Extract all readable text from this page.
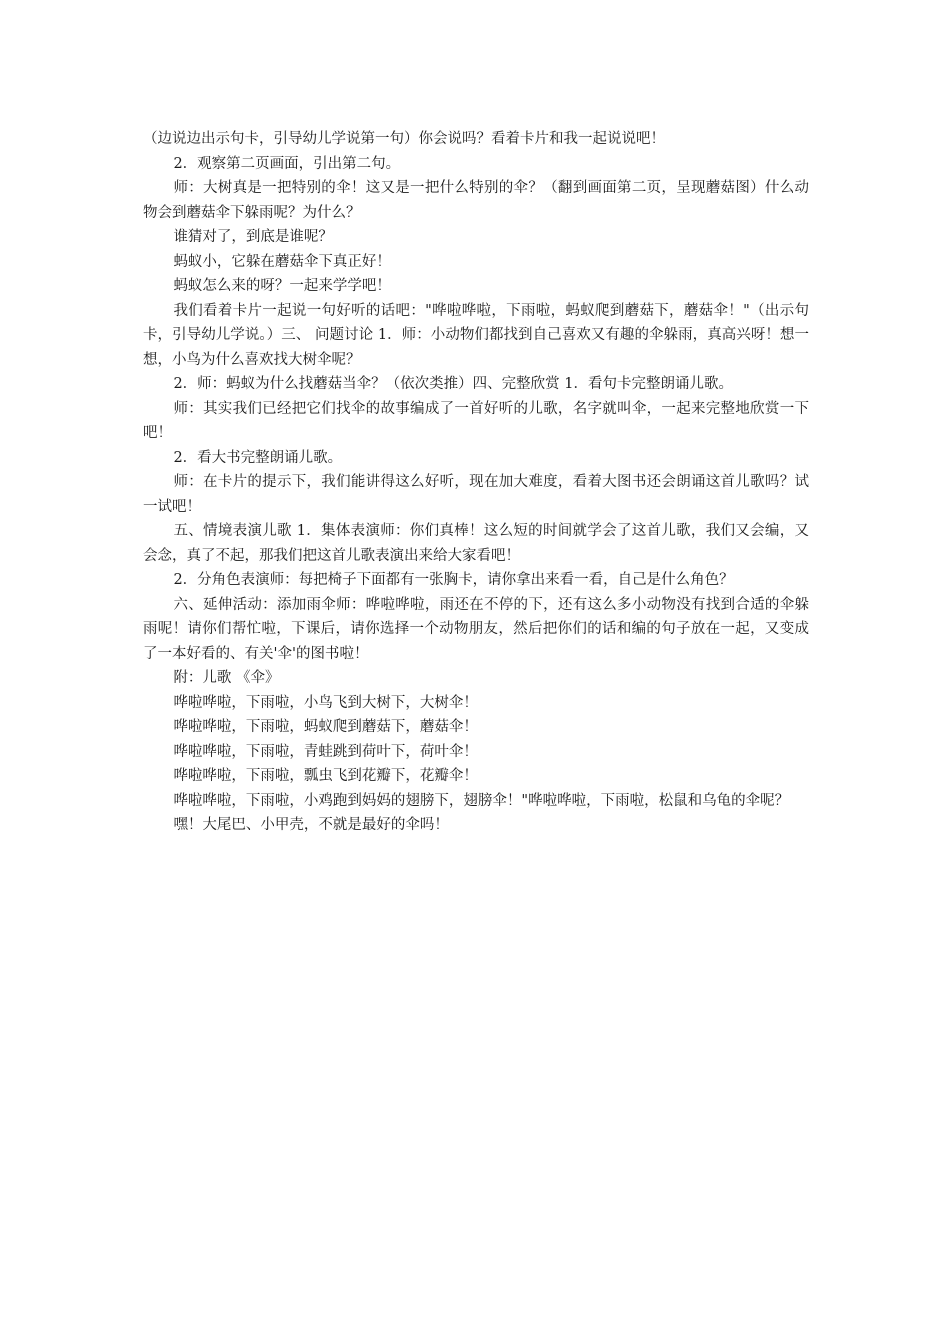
（边说边出示句卡，引导幼儿学说第一句）你会说吗？看着卡片和我一起说说吧！

2．观察第二页画面，引出第二句。

师：大树真是一把特别的伞！这又是一把什么特别的伞？（翻到画面第二页，呈现蘑菇图）什么动物会到蘑菇伞下躲雨呢？为什么？

谁猜对了，到底是谁呢？

蚂蚁小，它躲在蘑菇伞下真正好！

蚂蚁怎么来的呀？一起来学学吧！

我们看着卡片一起说一句好听的话吧："哗啦哗啦，下雨啦，蚂蚁爬到蘑菇下，蘑菇伞！"（出示句卡，引导幼儿学说。）三、 问题讨论 1．师：小动物们都找到自己喜欢又有趣的伞躲雨，真高兴呀！想一想，小鸟为什么喜欢找大树伞呢？

2．师：蚂蚁为什么找蘑菇当伞？（依次类推）四、完整欣赏 1．看句卡完整朗诵儿歌。

师：其实我们已经把它们找伞的故事编成了一首好听的儿歌，名字就叫伞，一起来完整地欣赏一下吧！

2．看大书完整朗诵儿歌。

师：在卡片的提示下，我们能讲得这么好听，现在加大难度，看着大图书还会朗诵这首儿歌吗？试一试吧！

五、情境表演儿歌 1．集体表演师：你们真棒！这么短的时间就学会了这首儿歌，我们又会编，又会念，真了不起，那我们把这首儿歌表演出来给大家看吧！

2．分角色表演师：每把椅子下面都有一张胸卡，请你拿出来看一看，自己是什么角色？

六、延伸活动：添加雨伞师：哗啦哗啦，雨还在不停的下，还有这么多小动物没有找到合适的伞躲雨呢！请你们帮忙啦，下课后，请你选择一个动物朋友，然后把你们的话和编的句子放在一起，又变成了一本好看的、有关'伞'的图书啦！

附：儿歌 《伞》

哗啦哗啦，下雨啦，小鸟飞到大树下，大树伞！

哗啦哗啦，下雨啦，蚂蚁爬到蘑菇下，蘑菇伞！

哗啦哗啦，下雨啦，青蛙跳到荷叶下，荷叶伞！

哗啦哗啦，下雨啦，瓢虫飞到花瓣下，花瓣伞！

哗啦哗啦，下雨啦，小鸡跑到妈妈的翅膀下，翅膀伞！"哗啦哗啦，下雨啦，松鼠和乌龟的伞呢？

嘿！大尾巴、小甲壳，不就是最好的伞吗！
